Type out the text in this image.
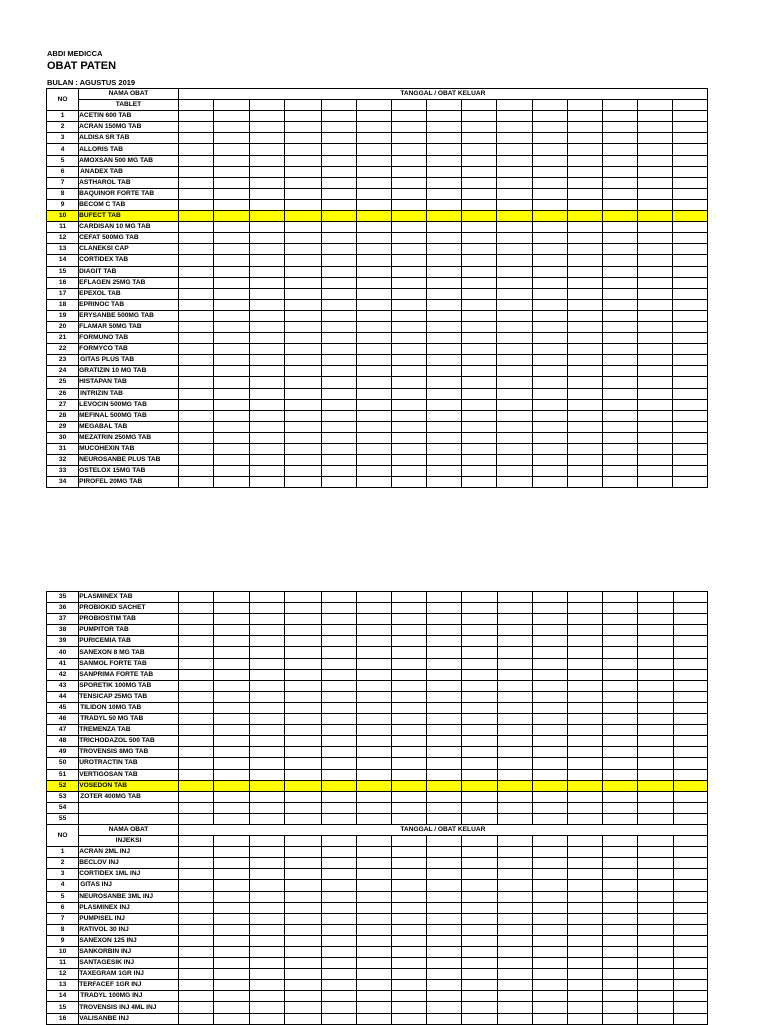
ABDI MEDICCA
OBAT PATEN
BULAN : AGUSTUS 2019
NO	NAMA OBAT	TANGGAL / OBAT KELUAR														
	TABLET															
1	ACETIN 600 TAB															
2	ACRAN 150MG TAB															
3	ALDISA SR TAB															
4	ALLORIS TAB															
5	AMOXSAN 500 MG TAB															
6	ANADEX TAB															
7	ASTHAROL TAB															
8	BAQUINOR FORTE TAB															
9	BECOM C TAB															
10	BUFECT TAB															
11	CARDISAN 10 MG TAB															
12	CEFAT 500MG TAB															
13	CLANEKSI CAP															
14	CORTIDEX TAB															
15	DIAGIT TAB															
16	EFLAGEN 25MG TAB															
17	EPEXOL TAB															
18	EPRINOC TAB															
19	ERYSANBE 500MG TAB															
20	FLAMAR 50MG TAB															
21	FORMUNO TAB															
22	FORMYCO TAB															
23	GITAS PLUS TAB															
24	GRATIZIN 10 MG TAB															
25	HISTAPAN TAB															
26	INTRIZIN TAB															
27	LEVOCIN 500MG TAB															
28	MEFINAL 500MG TAB															
29	MEGABAL TAB															
30	MEZATRIN 250MG TAB															
31	MUCOHEXIN TAB															
32	NEUROSANBE PLUS TAB															
33	OSTELOX 15MG TAB															
34	PIROFEL 20MG TAB															
35	PLASMINEX TAB															
36	PROBIOKID SACHET															
37	PROBIOSTIM TAB															
38	PUMPITOR TAB															
39	PURICEMIA TAB															
40	SANEXON 8 MG TAB															
41	SANMOL FORTE TAB															
42	SANPRIMA FORTE TAB															
43	SPORETIK 100MG TAB															
44	TENSICAP 25MG TAB															
45	TILIDON 10MG TAB															
46	TRADYL 50 MG TAB															
47	TREMENZA TAB															
48	TRICHODAZOL 500 TAB															
49	TROVENSIS 8MG TAB															
50	UROTRACTIN TAB															
51	VERTIGOSAN TAB															
52	VOSEDON TAB															
53	ZOTER 400MG TAB															
54																
55																
NO	NAMA OBAT	TANGGAL / OBAT KELUAR														
	INJEKSI															
1	ACRAN 2ML INJ															
2	BECLOV INJ															
3	CORTIDEX 1ML INJ															
4	GITAS INJ															
5	NEUROSANBE 3ML INJ															
6	PLASMINEX INJ															
7	PUMPISEL INJ															
8	RATIVOL 30 INJ															
9	SANEXON 125 INJ															
10	SANKORBIN INJ															
11	SANTAGESIK INJ															
12	TAXEGRAM 1GR INJ															
13	TERFACEF 1GR INJ															
14	TRADYL 100MG INJ															
15	TROVENSIS INJ 4ML INJ															
16	VALISANBE INJ															
